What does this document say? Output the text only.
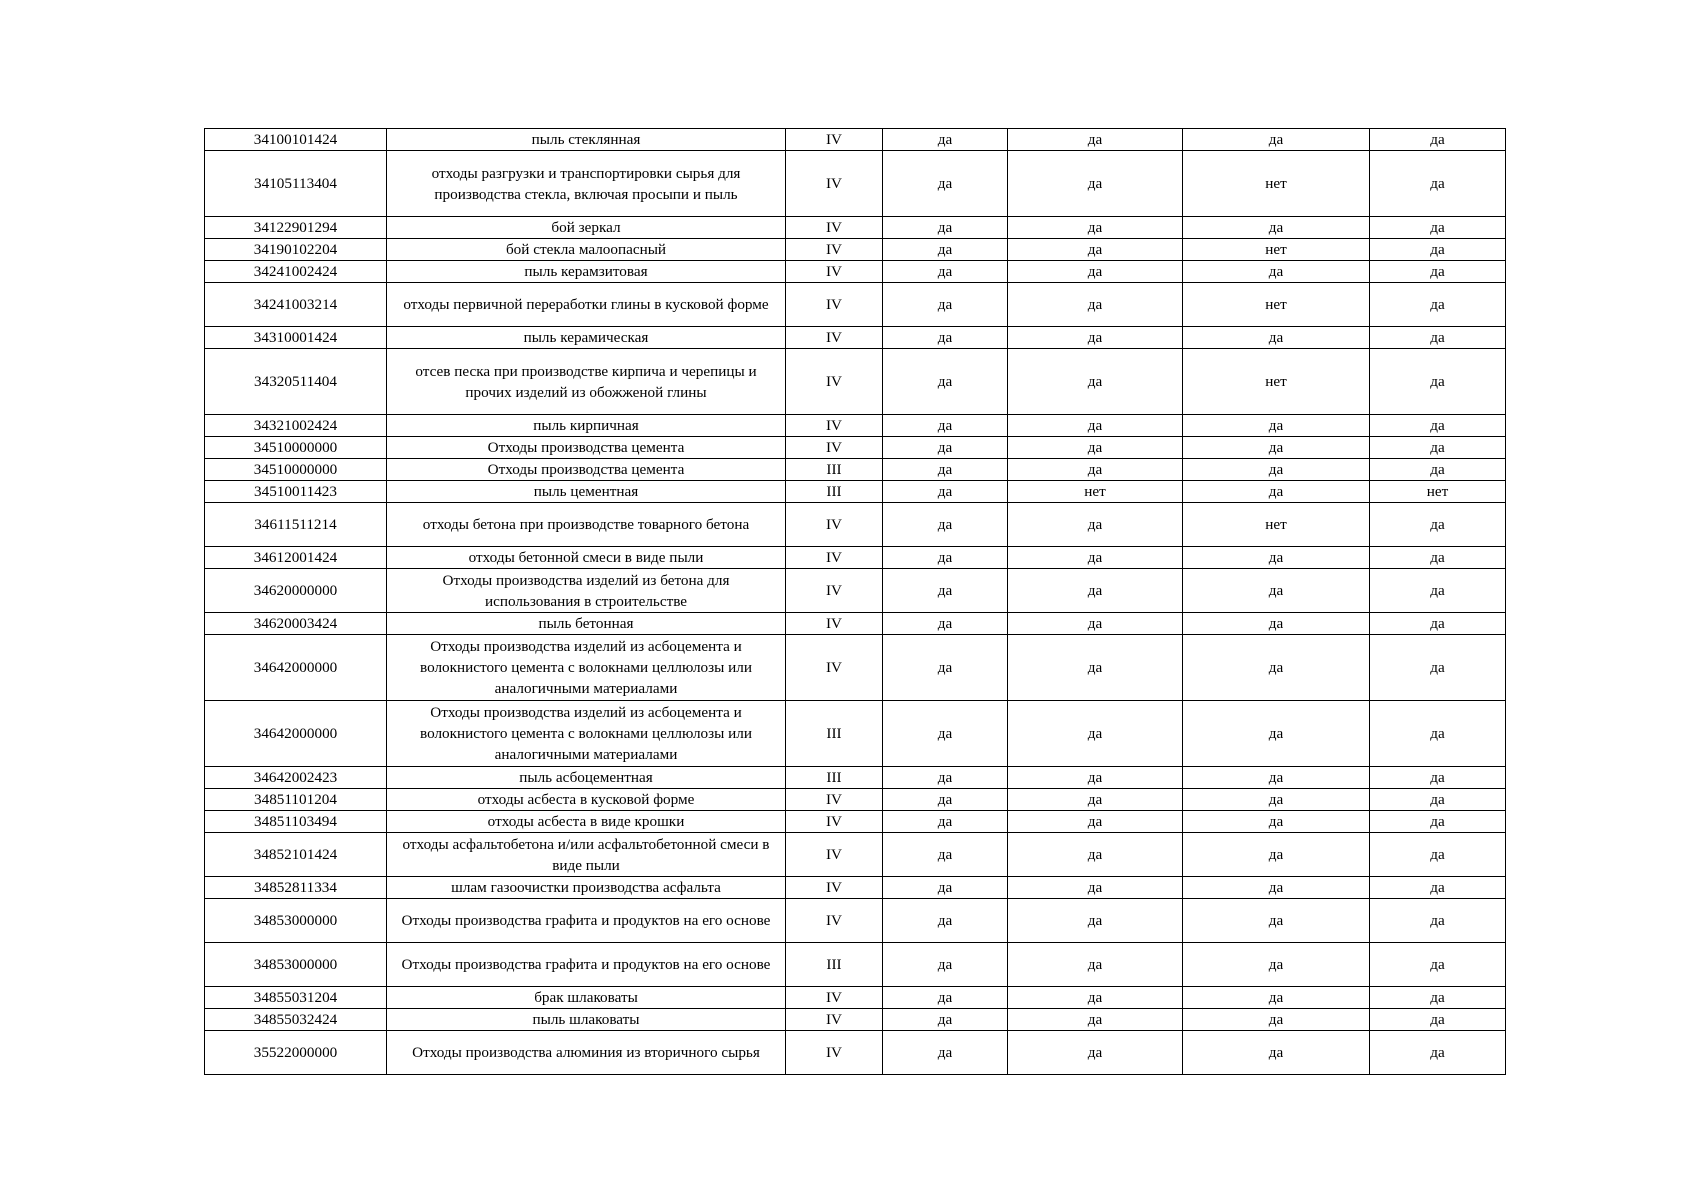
34100101424	пыль стеклянная	IV	да	да	да	да
34105113404	отходы разгрузки и транспортировки сырья для производства стекла, включая просыпи и пыль	IV	да	да	нет	да
34122901294	бой зеркал	IV	да	да	да	да
34190102204	бой стекла малоопасный	IV	да	да	нет	да
34241002424	пыль керамзитовая	IV	да	да	да	да
34241003214	отходы первичной переработки глины в кусковой форме	IV	да	да	нет	да
34310001424	пыль керамическая	IV	да	да	да	да
34320511404	отсев песка при производстве кирпича и черепицы и прочих изделий из обожженой глины	IV	да	да	нет	да
34321002424	пыль кирпичная	IV	да	да	да	да
34510000000	Отходы производства цемента	IV	да	да	да	да
34510000000	Отходы производства цемента	III	да	да	да	да
34510011423	пыль цементная	III	да	нет	да	нет
34611511214	отходы бетона при производстве товарного бетона	IV	да	да	нет	да
34612001424	отходы бетонной смеси в виде пыли	IV	да	да	да	да
34620000000	Отходы производства изделий из бетона для использования в строительстве	IV	да	да	да	да
34620003424	пыль бетонная	IV	да	да	да	да
34642000000	Отходы производства изделий из асбоцемента и волокнистого цемента с волокнами целлюлозы или аналогичными материалами	IV	да	да	да	да
34642000000	Отходы производства изделий из асбоцемента и волокнистого цемента с волокнами целлюлозы или аналогичными материалами	III	да	да	да	да
34642002423	пыль асбоцементная	III	да	да	да	да
34851101204	отходы асбеста в кусковой форме	IV	да	да	да	да
34851103494	отходы асбеста в виде крошки	IV	да	да	да	да
34852101424	отходы асфальтобетона и/или асфальтобетонной смеси в виде пыли	IV	да	да	да	да
34852811334	шлам газоочистки производства асфальта	IV	да	да	да	да
34853000000	Отходы производства графита и продуктов на его основе	IV	да	да	да	да
34853000000	Отходы производства графита и продуктов на его основе	III	да	да	да	да
34855031204	брак шлаковаты	IV	да	да	да	да
34855032424	пыль шлаковаты	IV	да	да	да	да
35522000000	Отходы производства алюминия из вторичного сырья	IV	да	да	да	да
